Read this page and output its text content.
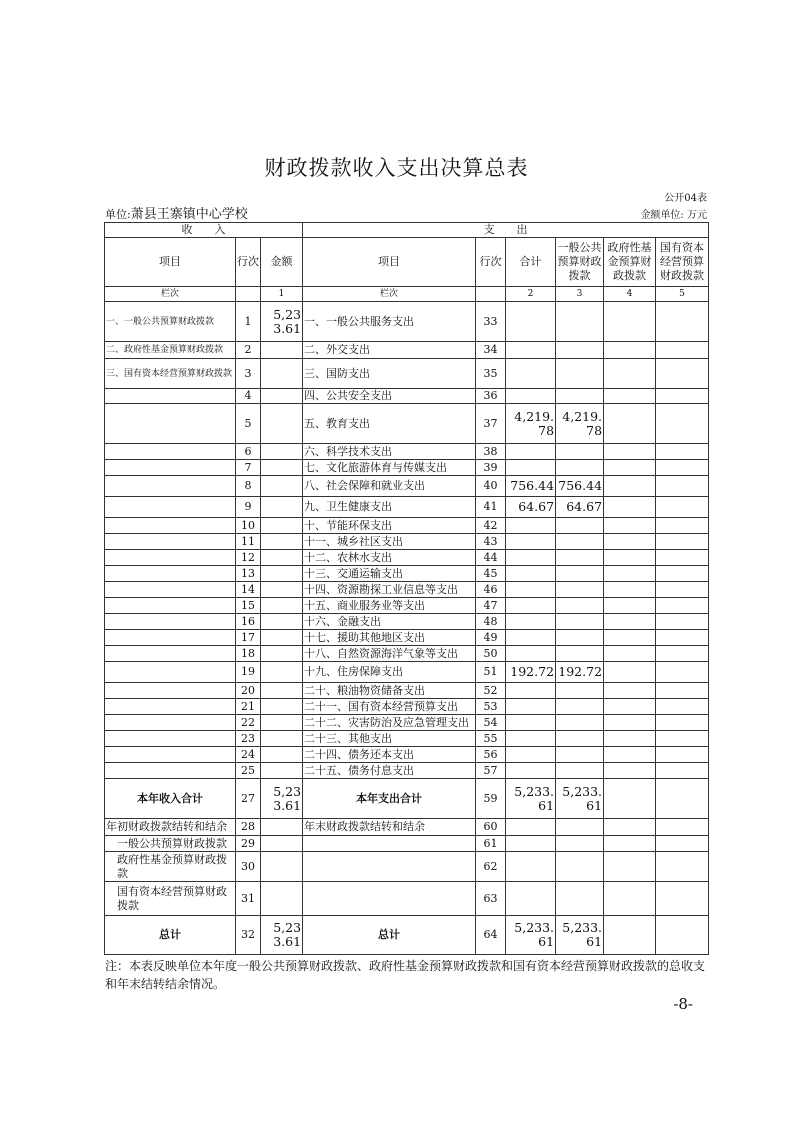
财政拨款收入支出决算总表
公开04表
单位:萧县王寨镇中心学校	金额单位: 万元
收　　入			支　　出					
项目	行次	金额	项目	行次	合计	一般公共预算财政拨款	政府性基金预算财政拨款	国有资本经营预算财政拨款
栏次		1	栏次		2	3	4	5
一、一般公共预算财政拨款	1	5,233.61	一、一般公共服务支出	33				
二、政府性基金预算财政拨款	2		二、外交支出	34				
三、国有资本经营预算财政拨款	3		三、国防支出	35				
	4		四、公共安全支出	36				
	5		五、教育支出	37	4,219.78	4,219.78		
	6		六、科学技术支出	38				
	7		七、文化旅游体育与传媒支出	39				
	8		八、社会保障和就业支出	40	756.44	756.44		
	9		九、卫生健康支出	41	64.67	64.67		
	10		十、节能环保支出	42				
	11		十一、城乡社区支出	43				
	12		十二、农林水支出	44				
	13		十三、交通运输支出	45				
	14		十四、资源勘探工业信息等支出	46				
	15		十五、商业服务业等支出	47				
	16		十六、金融支出	48				
	17		十七、援助其他地区支出	49				
	18		十八、自然资源海洋气象等支出	50				
	19		十九、住房保障支出	51	192.72	192.72		
	20		二十、粮油物资储备支出	52				
	21		二十一、国有资本经营预算支出	53				
	22		二十二、灾害防治及应急管理支出	54				
	23		二十三、其他支出	55				
	24		二十四、债务还本支出	56				
	25		二十五、债务付息支出	57				
本年收入合计	27	5,233.61	本年支出合计	59	5,233.61	5,233.61		
年初财政拨款结转和结余	28		年末财政拨款结转和结余	60				
一般公共预算财政拨款	29			61				
政府性基金预算财政拨款	30			62				
国有资本经营预算财政拨款	31			63				
总计	32	5,233.61	总计	64	5,233.61	5,233.61		
注：本表反映单位本年度一般公共预算财政拨款、政府性基金预算财政拨款和国有资本经营预算财政拨款的总收支和年末结转结余情况。
-8-
